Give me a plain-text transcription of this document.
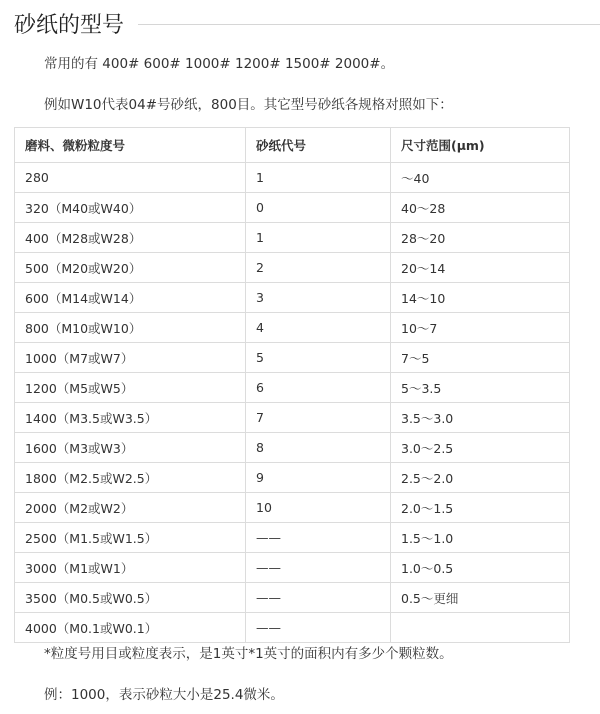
砂纸的型号

常用的有 400# 600# 1000# 1200# 1500# 2000#。

例如W10代表04#号砂纸，800目。其它型号砂纸各规格对照如下：

磨料、微粉粒度号	砂纸代号	尺寸范围(μm)
280	1	～40
320（M40或W40）	0	40～28
400（M28或W28）	1	28～20
500（M20或W20）	2	20～14
600（M14或W14）	3	14～10
800（M10或W10）	4	10～7
1000（M7或W7）	5	7～5
1200（M5或W5）	6	5～3.5
1400（M3.5或W3.5）	7	3.5～3.0
1600（M3或W3）	8	3.0～2.5
1800（M2.5或W2.5）	9	2.5～2.0
2000（M2或W2）	10	2.0～1.5
2500（M1.5或W1.5）	——	1.5～1.0
3000（M1或W1）	——	1.0～0.5
3500（M0.5或W0.5）	——	0.5～更细
4000（M0.1或W0.1）	——	

*粒度号用目或粒度表示，是1英寸*1英寸的面积内有多少个颗粒数。

例：1000，表示砂粒大小是25.4微米。
